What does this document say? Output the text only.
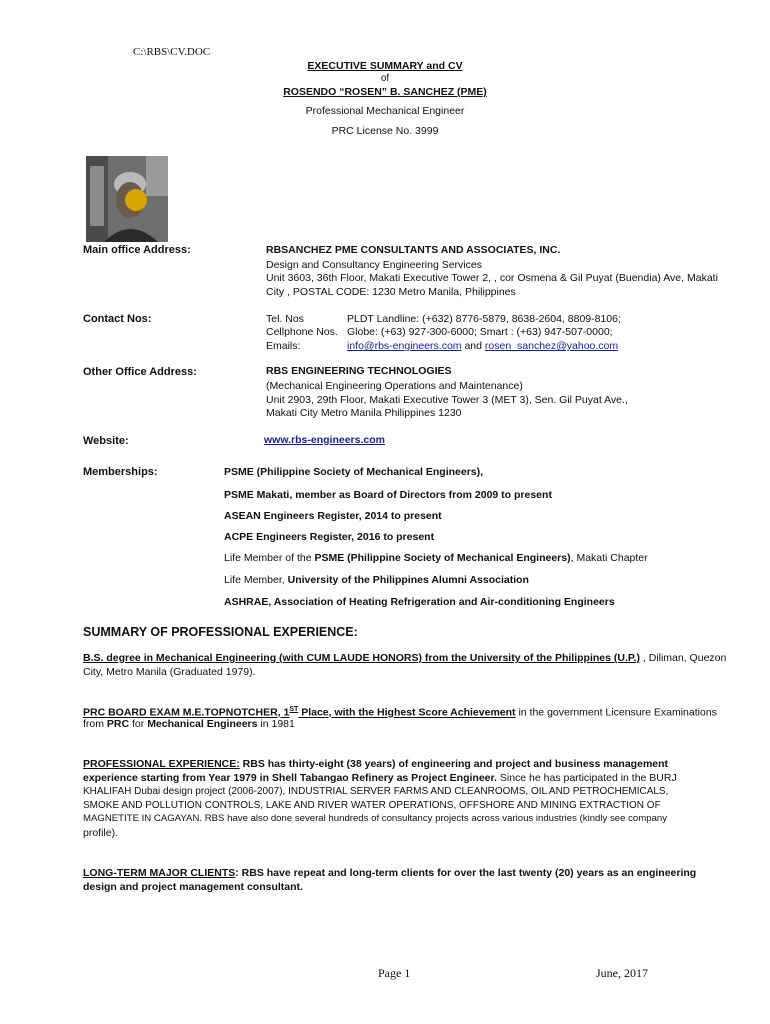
C:\RBS\CV.DOC
EXECUTIVE SUMMARY and CV
of
ROSENDO “ROSEN” B. SANCHEZ (PME)
Professional Mechanical Engineer
PRC License No. 3999
Main office Address:	RBSANCHEZ PME CONSULTANTS AND ASSOCIATES, INC.
Design and Consultancy Engineering Services
Unit 3603, 36th Floor, Makati Executive Tower 2, , cor Osmena & Gil Puyat (Buendia) Ave, Makati
City , POSTAL CODE: 1230 Metro Manila, Philippines
Contact Nos:	Tel. Nos	PLDT Landline: (+632) 8776-5879, 8638-2604, 8809-8106;
Cellphone Nos. Globe: (+63) 927-300-6000; Smart : (+63) 947-507-0000;
Emails:	info@rbs-engineers.com and rosen_sanchez@yahoo.com
Other Office Address:	RBS ENGINEERING TECHNOLOGIES
(Mechanical Engineering Operations and Maintenance)
Unit 2903, 29th Floor, Makati Executive Tower 3 (MET 3), Sen. Gil Puyat Ave.,
Makati City Metro Manila Philippines 1230
Website:	www.rbs-engineers.com
Memberships:	PSME (Philippine Society of Mechanical Engineers),
PSME Makati, member as Board of Directors from 2009 to present
ASEAN Engineers Register, 2014 to present
ACPE Engineers Register, 2016 to present
Life Member of the PSME (Philippine Society of Mechanical Engineers), Makati Chapter
Life Member, University of the Philippines Alumni Association
ASHRAE, Association of Heating Refrigeration and Air-conditioning Engineers
SUMMARY OF PROFESSIONAL EXPERIENCE:
B.S. degree in Mechanical Engineering (with CUM LAUDE HONORS) from the University of the Philippines (U.P.) , Diliman, Quezon
City, Metro Manila (Graduated 1979).
PRC BOARD EXAM M.E.TOPNOTCHER, 1ST Place, with the Highest Score Achievement in the government Licensure Examinations
from PRC for Mechanical Engineers in 1981
PROFESSIONAL EXPERIENCE: RBS has thirty-eight (38 years) of engineering and project and business management
experience starting from Year 1979 in Shell Tabangao Refinery as Project Engineer. Since he has participated in the BURJ
KHALIFAH Dubai design project (2006-2007), INDUSTRIAL SERVER FARMS AND CLEANROOMS, OIL AND PETROCHEMICALS,
SMOKE AND POLLUTION CONTROLS, LAKE AND RIVER WATER OPERATIONS, OFFSHORE AND MINING EXTRACTION OF
MAGNETITE IN CAGAYAN. RBS have also done several hundreds of consultancy projects across various industries (kindly see company
profile).
LONG-TERM MAJOR CLIENTS: RBS have repeat and long-term clients for over the last twenty (20) years as an engineering
design and project management consultant.
Page 1	June, 2017
